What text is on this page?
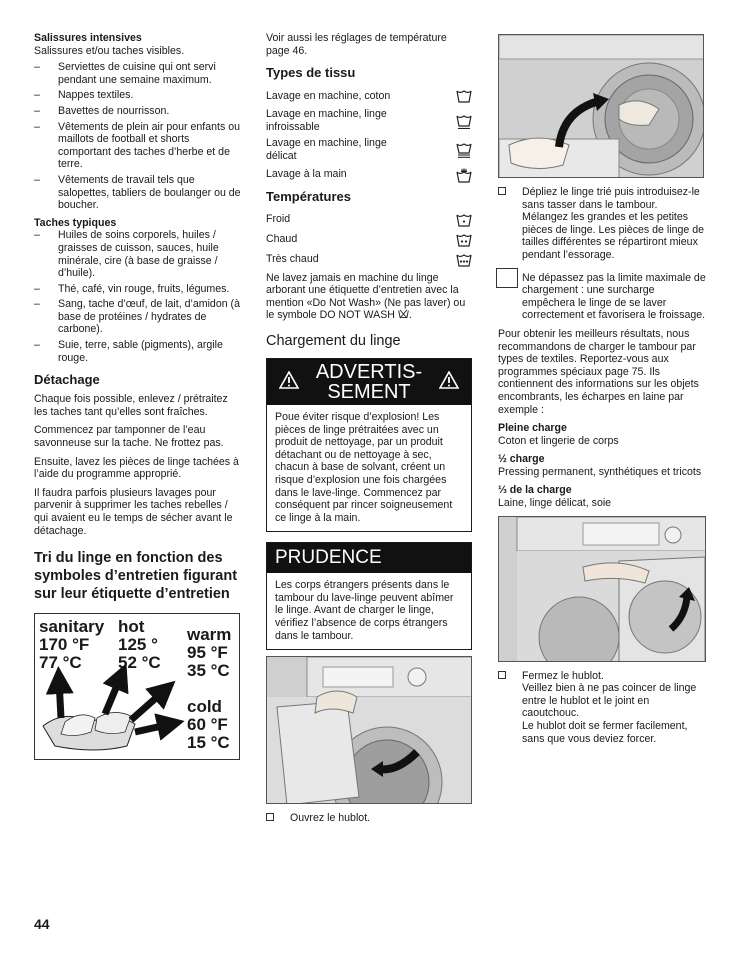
Salissures intensives

Salissures et/ou taches visibles.

– Serviettes de cuisine qui ont servi pendant une semaine maximum.
– Nappes textiles.
– Bavettes de nourrisson.
– Vêtements de plein air pour enfants ou maillots de football et shorts comportant des taches d’herbe et de terre.
– Vêtements de travail tels que salopettes, tabliers de boulanger ou de boucher.
Taches typiques
– Huiles de soins corporels, huiles / graisses de cuisson, sauces, huile minérale, cire (à base de graisse / d’huile).
– Thé, café, vin rouge, fruits, légumes.
– Sang, tache d’œuf, de lait, d’amidon (à base de protéines / hydrates de carbone).
– Suie, terre, sable (pigments), argile rouge.
Détachage

Chaque fois possible, enlevez / prétraitez les taches tant qu’elles sont fraîches.

Commencez par tamponner de l’eau savonneuse sur la tache. Ne frottez pas.

Ensuite, lavez les pièces de linge tachées à l’aide du programme approprié.

Il faudra parfois plusieurs lavages pour parvenir à supprimer les taches rebelles / qui avaient eu le temps de sécher avant le détachage.

Tri du linge en fonction des symboles d’entretien figurant sur leur étiquette d’entretien
sanitary
170 °F
77 °C
hot
125 °
52 °C
warm
95 °F
35 °C
cold
60 °F
15 °C

Voir aussi les réglages de température page 46.

Types de tissu
Lavage en machine, coton
Lavage en machine, linge infroissable
Lavage en machine, linge délicat
Lavage à la main
Températures
Froid
Chaud
Très chaud

Ne lavez jamais en machine du linge arborant une étiquette d’entretien avec la mention «Do Not Wash» (Ne pas laver) ou le symbole DO NOT WASH .

Chargement du linge
ADVERTIS-
SEMENT
Poue éviter risque d’explosion! Les pièces de linge prétraitées avec un produit de nettoyage, par un produit détachant ou de nettoyage à sec, chacun à base de solvant, créent un risque d’explosion une fois chargées dans le lave-linge. Commencez par conséquent par rincer soigneusement ce linge à la main.
PRUDENCE
Les corps étrangers présents dans le tambour du lave-linge peuvent abîmer le linge. Avant de charger le linge, vérifiez l’absence de corps étrangers dans le tambour.
Ouvrez le hublot.
Dépliez le linge trié puis introduisez-le sans tasser dans le tambour. Mélangez les grandes et les petites pièces de linge. Les pièces de linge de tailles différentes se répartiront mieux pendant l’essorage.
Ne dépassez pas la limite maximale de chargement : une surcharge empêchera le linge de se laver correctement et favorisera le froissage.

Pour obtenir les meilleurs résultats, nous recommandons de charger le tambour par types de textiles. Reportez-vous aux programmes spéciaux page 75. Ils contiennent des informations sur les objets encombrants, les écharpes en laine par exemple :

Pleine charge

Coton et lingerie de corps

½ charge

Pressing permanent, synthétiques et tricots

⅓ de la charge

Laine, linge délicat, soie

Fermez le hublot.
Veillez bien à ne pas coincer de linge entre le hublot et le joint en caoutchouc.
Le hublot doit se fermer facilement, sans que vous deviez forcer.
44
